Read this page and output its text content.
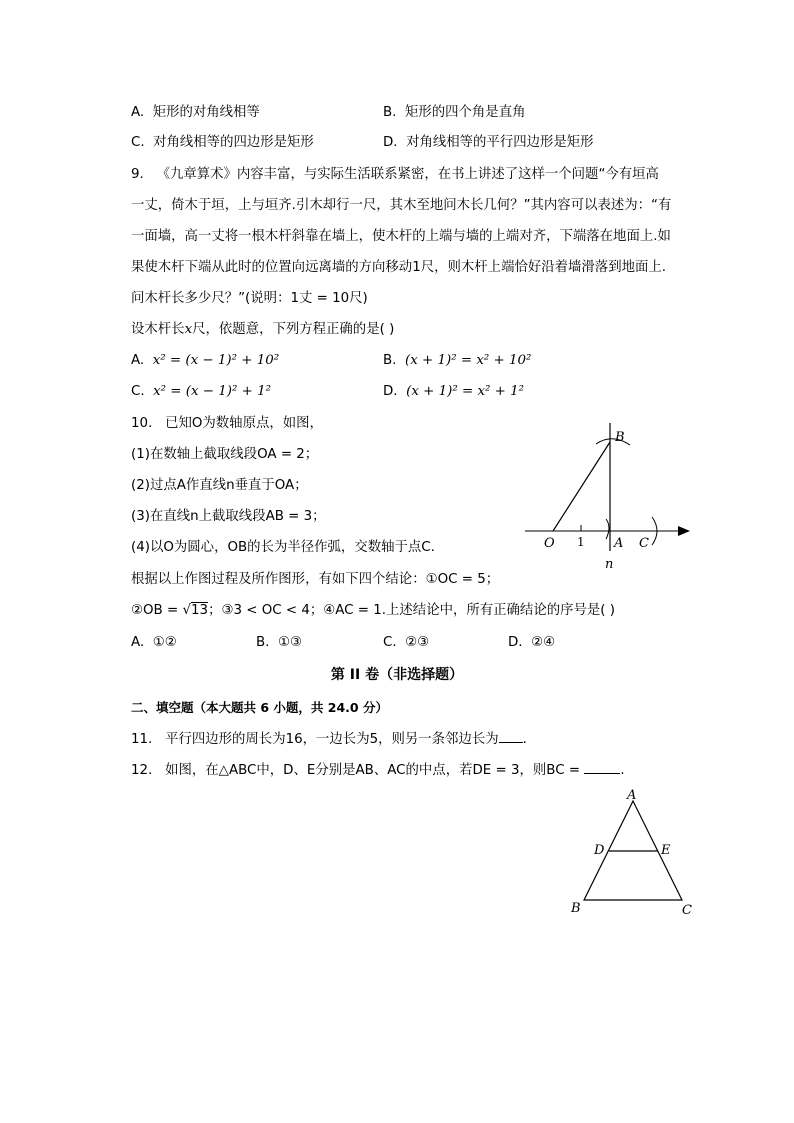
A. 矩形的对角线相等	B. 矩形的四个角是直角
C. 对角线相等的四边形是矩形	D. 对角线相等的平行四边形是矩形
9. 《九章算术》内容丰富，与实际生活联系紧密，在书上讲述了这样一个问题“今有垣高
一丈，倚木于垣，上与垣齐.引木却行一尺，其木至地问木长几何？”其内容可以表述为：“有
一面墙，高一丈将一根木杆斜靠在墙上，使木杆的上端与墙的上端对齐，下端落在地面上.如
果使木杆下端从此时的位置向远离墙的方向移动1尺，则木杆上端恰好沿着墙滑落到地面上.
问木杆长多少尺？”(说明：1丈 = 10尺)
设木杆长x尺，依题意，下列方程正确的是( )
A. x² = (x − 1)² + 10²	B. (x + 1)² = x² + 10²
C. x² = (x − 1)² + 1²	D. (x + 1)² = x² + 1²
10. 已知O为数轴原点，如图，
(1)在数轴上截取线段OA = 2；
(2)过点A作直线n垂直于OA；
(3)在直线n上截取线段AB = 3；
(4)以O为圆心，OB的长为半径作弧，交数轴于点C.
根据以上作图过程及所作图形，有如下四个结论：①OC = 5；
②OB = √13；③3 < OC < 4；④AC = 1.上述结论中，所有正确结论的序号是( )
A. ①②	B. ①③	C. ②③	D. ②④
B
O 1 A C
n
第 II 卷（非选择题）
二、填空题（本大题共 6 小题，共 24.0 分）
11. 平行四边形的周长为16，一边长为5，则另一条邻边长为 .
12. 如图，在△ABC中，D、E分别是AB、AC的中点，若DE = 3，则BC =	.
A
D	E
B	C
